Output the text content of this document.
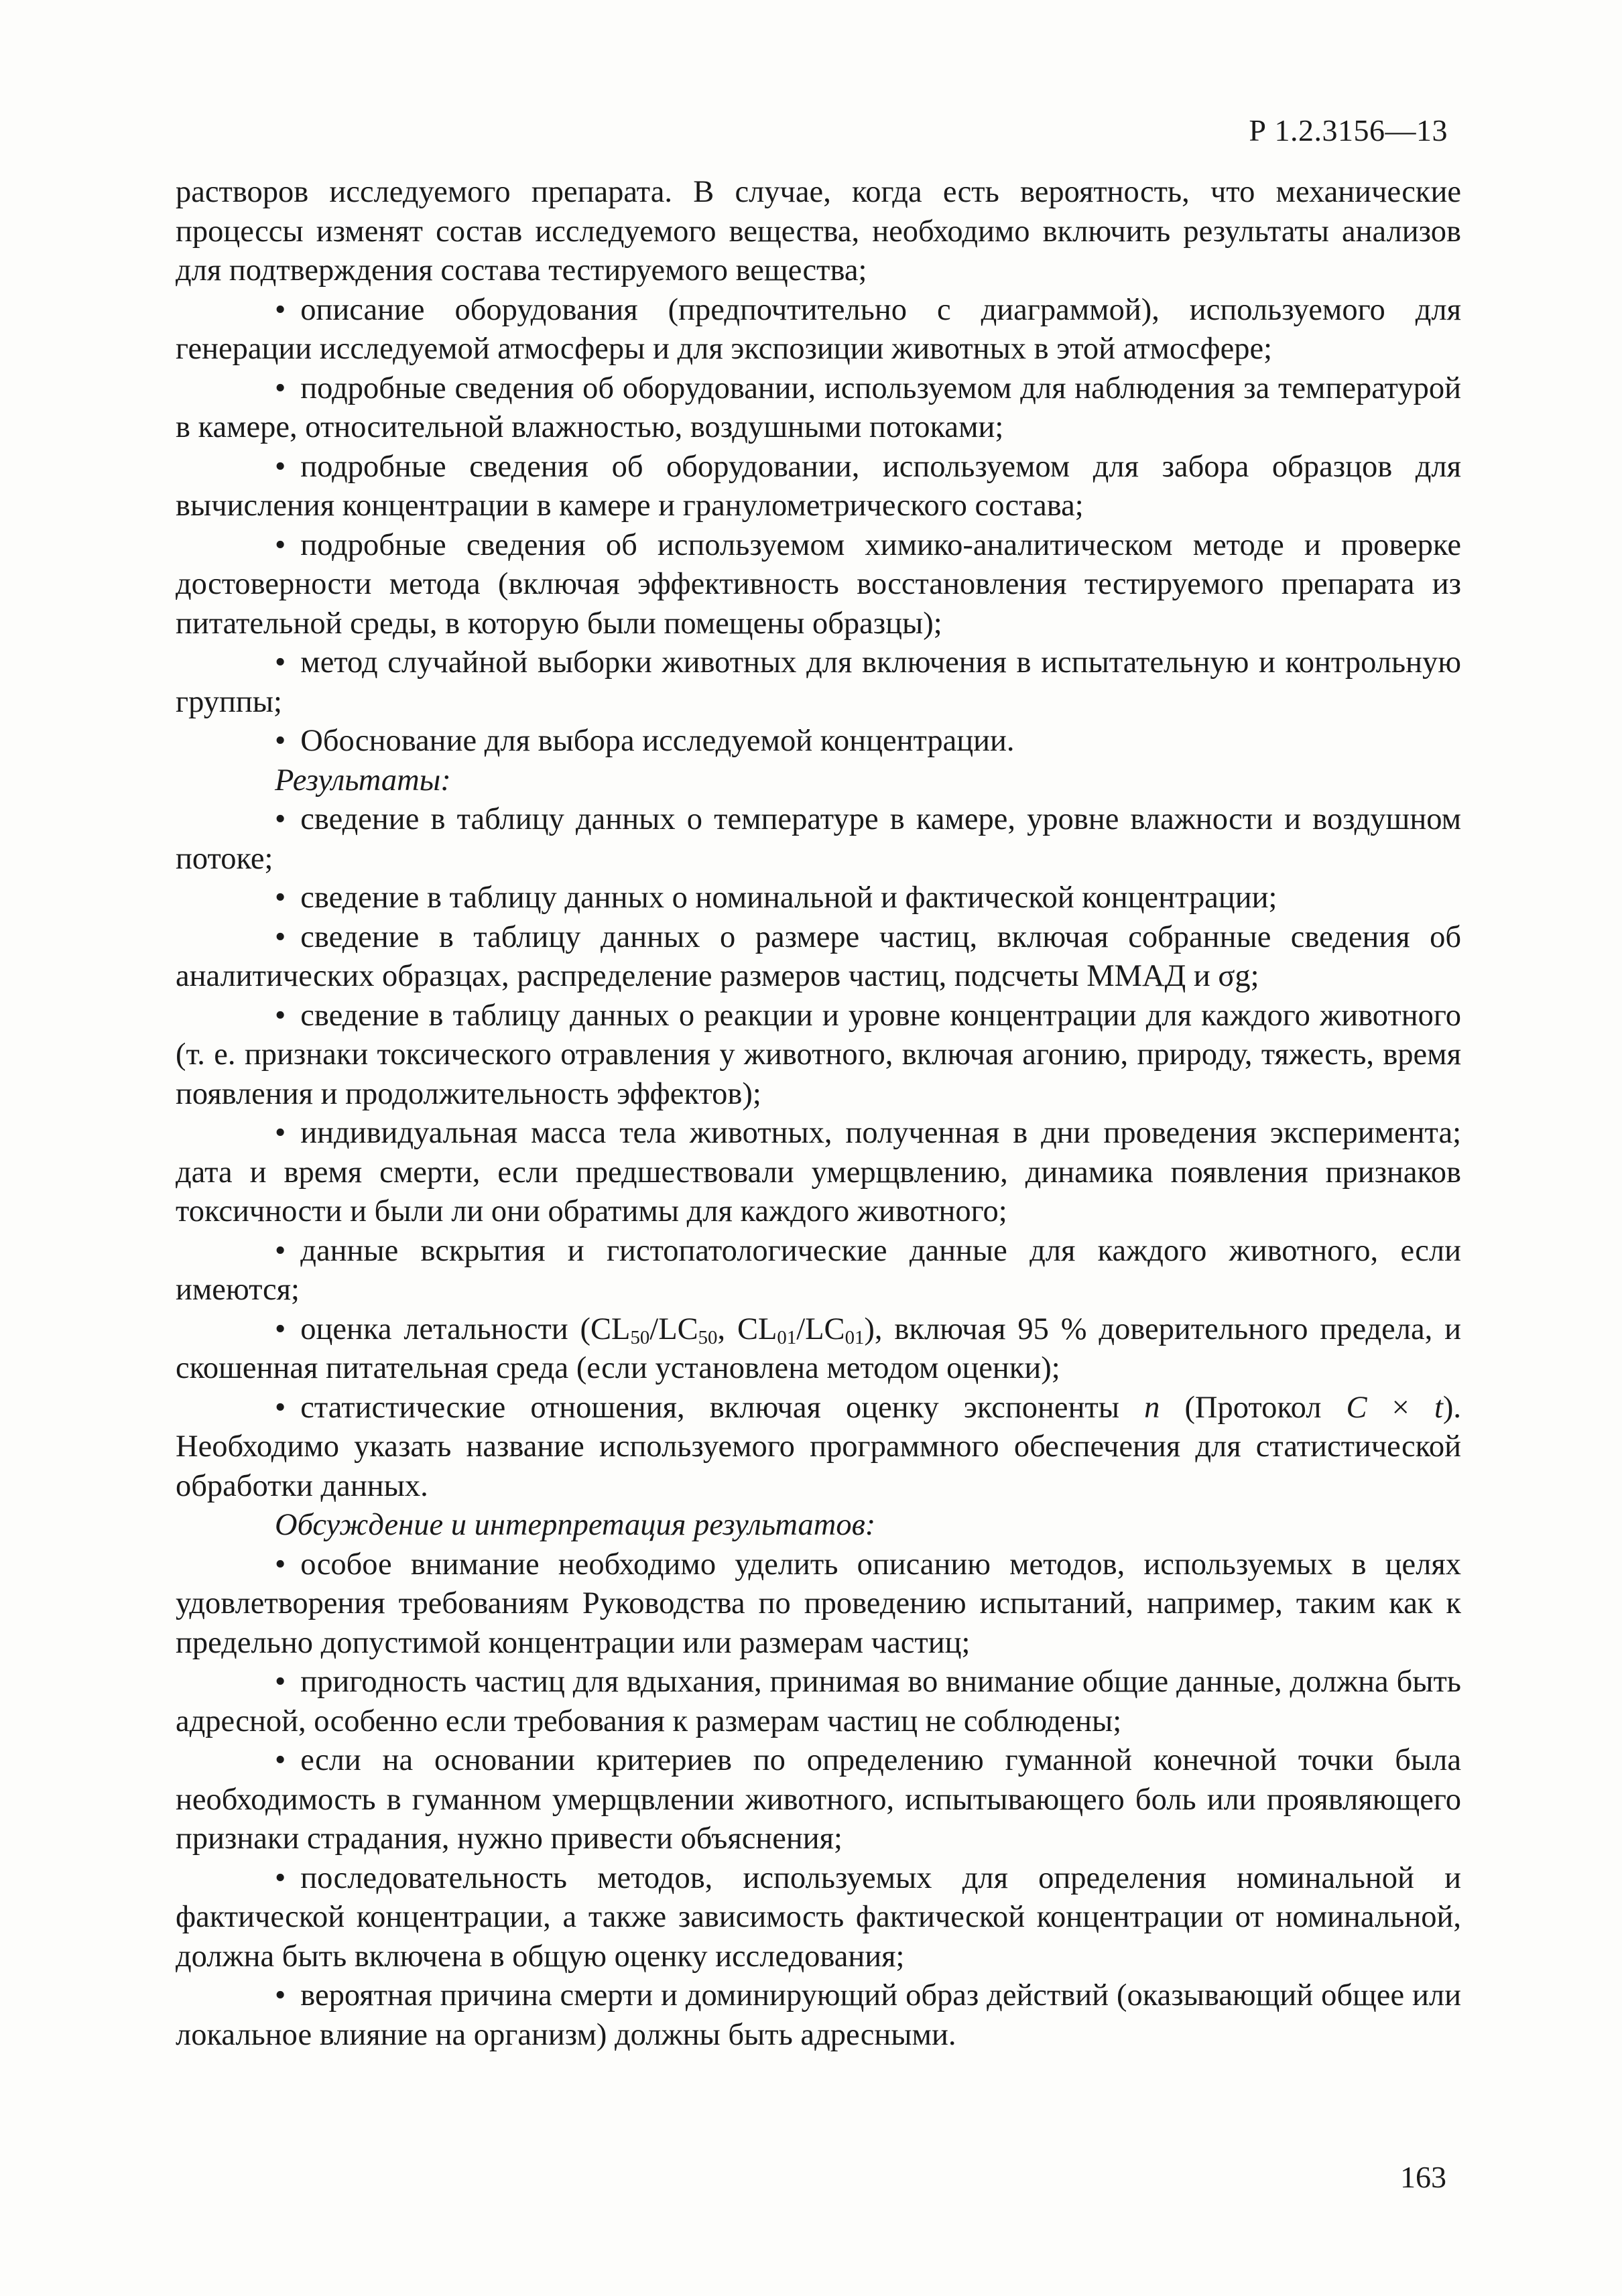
Р 1.2.3156—13

растворов исследуемого препарата. В случае, когда есть вероятность, что механические процессы изменят состав исследуемого вещества, необходимо включить результаты анализов для подтверждения состава тестируемого вещества;

• описание оборудования (предпочтительно с диаграммой), используемого для генерации исследуемой атмосферы и для экспозиции животных в этой атмосфере;

• подробные сведения об оборудовании, используемом для наблюдения за температурой в камере, относительной влажностью, воздушными потоками;

• подробные сведения об оборудовании, используемом для забора образцов для вычисления концентрации в камере и гранулометрического состава;

• подробные сведения об используемом химико-аналитическом методе и проверке достоверности метода (включая эффективность восстановления тестируемого препарата из питательной среды, в которую были помещены образцы);

• метод случайной выборки животных для включения в испытательную и контрольную группы;

• Обоснование для выбора исследуемой концентрации.

Результаты:

• сведение в таблицу данных о температуре в камере, уровне влажности и воздушном потоке;

• сведение в таблицу данных о номинальной и фактической концентрации;

• сведение в таблицу данных о размере частиц, включая собранные сведения об аналитических образцах, распределение размеров частиц, подсчеты ММАД и σg;

• сведение в таблицу данных о реакции и уровне концентрации для каждого животного (т. е. признаки токсического отравления у животного, включая агонию, природу, тяжесть, время появления и продолжительность эффектов);

• индивидуальная масса тела животных, полученная в дни проведения эксперимента; дата и время смерти, если предшествовали умерщвлению, динамика появления признаков токсичности и были ли они обратимы для каждого животного;

• данные вскрытия и гистопатологические данные для каждого животного, если имеются;

• оценка летальности ($CL_{50}/LC_{50}$, $CL_{01}/LC_{01}$), включая 95 % доверительного предела, и скошенная питательная среда (если установлена методом оценки);

• статистические отношения, включая оценку экспоненты n (Протокол C × t). Необходимо указать название используемого программного обеспечения для статистической обработки данных.

Обсуждение и интерпретация результатов:

• особое внимание необходимо уделить описанию методов, используемых в целях удовлетворения требованиям Руководства по проведению испытаний, например, таким как к предельно допустимой концентрации или размерам частиц;

• пригодность частиц для вдыхания, принимая во внимание общие данные, должна быть адресной, особенно если требования к размерам частиц не соблюдены;

• если на основании критериев по определению гуманной конечной точки была необходимость в гуманном умерщвлении животного, испытывающего боль или проявляющего признаки страдания, нужно привести объяснения;

• последовательность методов, используемых для определения номинальной и фактической концентрации, а также зависимость фактической концентрации от номинальной, должна быть включена в общую оценку исследования;

• вероятная причина смерти и доминирующий образ действий (оказывающий общее или локальное влияние на организм) должны быть адресными.

163
